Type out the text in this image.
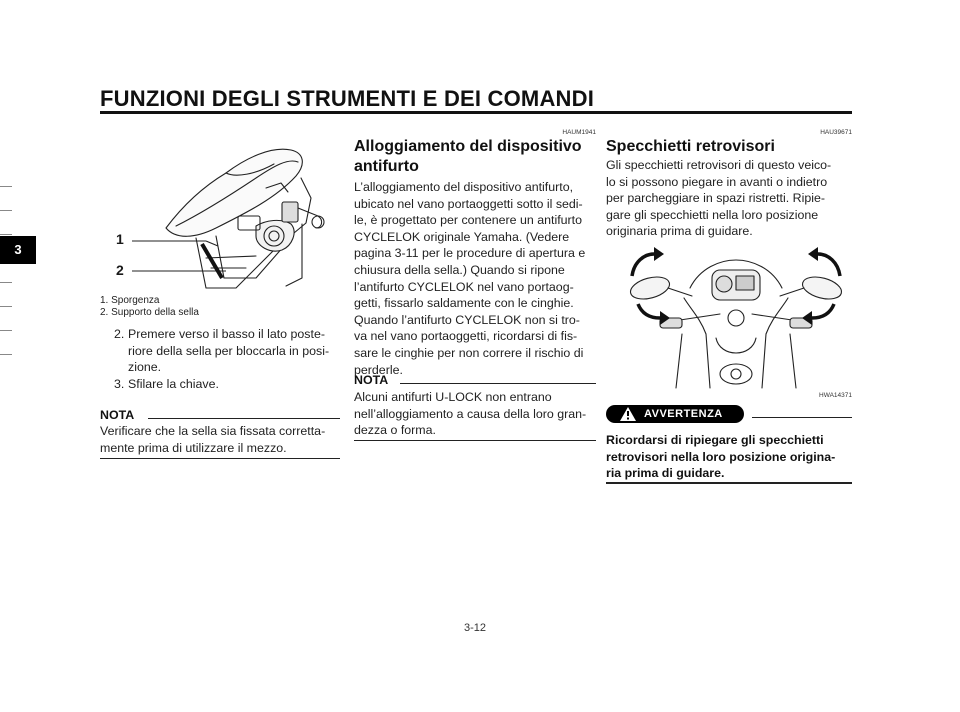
FUNZIONI DEGLI STRUMENTI E DEI COMANDI
3
1
2
1. Sporgenza
2. Supporto della sella
2. Premere verso il basso il lato poste-
riore della sella per bloccarla in posi-
zione.
3. Sfilare la chiave.
NOTA
Verificare che la sella sia fissata corretta-
mente prima di utilizzare il mezzo.
HAUM1941
Alloggiamento del dispositivo
antifurto
L’alloggiamento del dispositivo antifurto,
ubicato nel vano portaoggetti sotto il sedi-
le, è progettato per contenere un antifurto
CYCLELOK originale Yamaha. (Vedere
pagina 3-11 per le procedure di apertura e
chiusura della sella.) Quando si ripone
l’antifurto CYCLELOK nel vano portaog-
getti, fissarlo saldamente con le cinghie.
Quando l’antifurto CYCLELOK non si tro-
va nel vano portaoggetti, ricordarsi di fis-
sare le cinghie per non correre il rischio di
perderle.
NOTA
Alcuni antifurti U-LOCK non entrano
nell’alloggiamento a causa della loro gran-
dezza o forma.
HAU39671
Specchietti retrovisori
Gli specchietti retrovisori di questo veico-
lo si possono piegare in avanti o indietro
per parcheggiare in spazi ristretti. Ripie-
gare gli specchietti nella loro posizione
originaria prima di guidare.
HWA14371
AVVERTENZA
Ricordarsi di ripiegare gli specchietti
retrovisori nella loro posizione origina-
ria prima di guidare.
3-12
